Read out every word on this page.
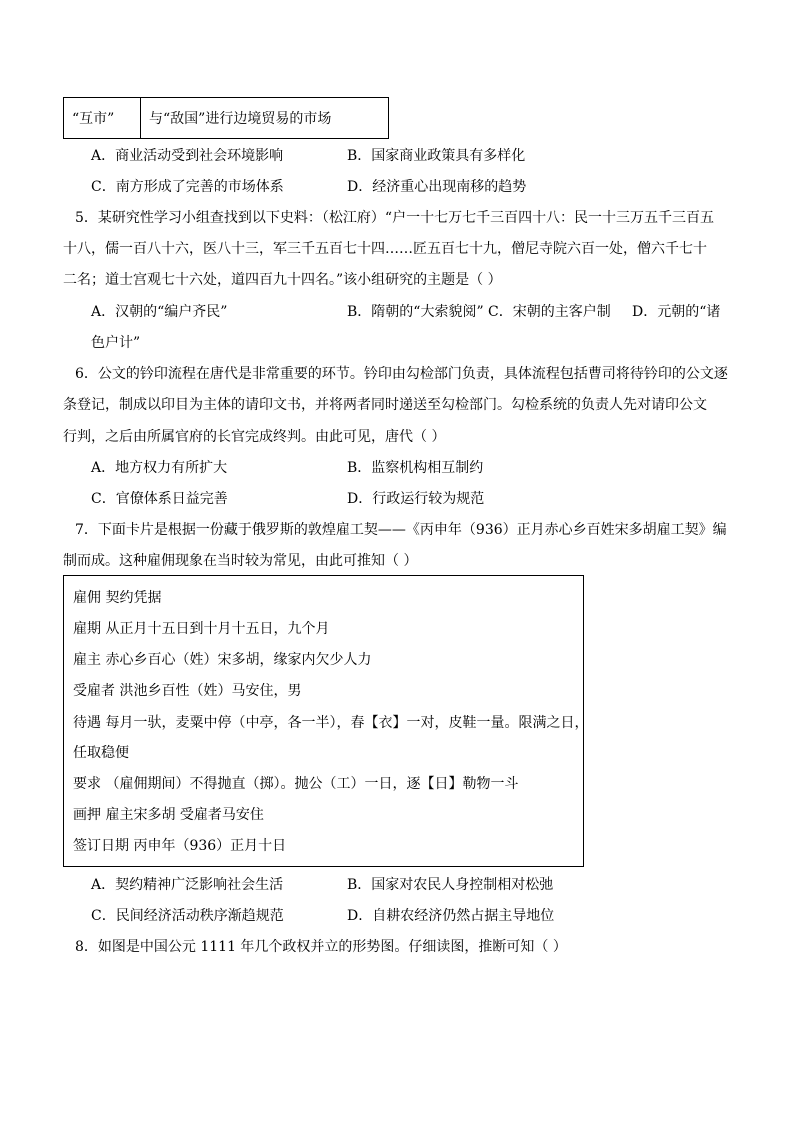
“互市”	与“敌国”进行边境贸易的市场
A．商业活动受到社会环境影响	B．国家商业政策具有多样化
C．南方形成了完善的市场体系	D．经济重心出现南移的趋势
5．某研究性学习小组查找到以下史料：（松江府）“户一十七万七千三百四十八：民一十三万五千三百五
十八，儒一百八十六，医八十三，军三千五百七十四……匠五百七十九，僧尼寺院六百一处，僧六千七十
二名；道士宫观七十六处，道四百九十四名。”该小组研究的主题是（ ）
A．汉朝的“编户齐民”	B．隋朝的“大索貌阅” C．宋朝的主客户制 D．元朝的“诸
色户计”
6．公文的钤印流程在唐代是非常重要的环节。钤印由勾检部门负责，具体流程包括曹司将待钤印的公文逐
条登记，制成以印目为主体的请印文书，并将两者同时递送至勾检部门。勾检系统的负责人先对请印公文
行判，之后由所属官府的长官完成终判。由此可见，唐代（ ）
A．地方权力有所扩大	B．监察机构相互制约
C．官僚体系日益完善	D．行政运行较为规范
7．下面卡片是根据一份藏于俄罗斯的敦煌雇工契——《丙申年（936）正月赤心乡百姓宋多胡雇工契》编
制而成。这种雇佣现象在当时较为常见，由此可推知（ ）
雇佣 契约凭据
雇期 从正月十五日到十月十五日，九个月
雇主 赤心乡百心（姓）宋多胡，缘家内欠少人力
受雇者 洪池乡百性（姓）马安住，男
待遇 每月一驮，麦粟中停（中亭，各一半），春【衣】一对，皮鞋一量。限满之日，
任取稳便
要求 （雇佣期间）不得抛直（掷）。抛公（工）一日，逐【日】勒物一斗
画押 雇主宋多胡 受雇者马安住
签订日期 丙申年（936）正月十日
A．契约精神广泛影响社会生活	B．国家对农民人身控制相对松弛
C．民间经济活动秩序渐趋规范	D．自耕农经济仍然占据主导地位
8．如图是中国公元 1111 年几个政权并立的形势图。仔细读图，推断可知（ ）
